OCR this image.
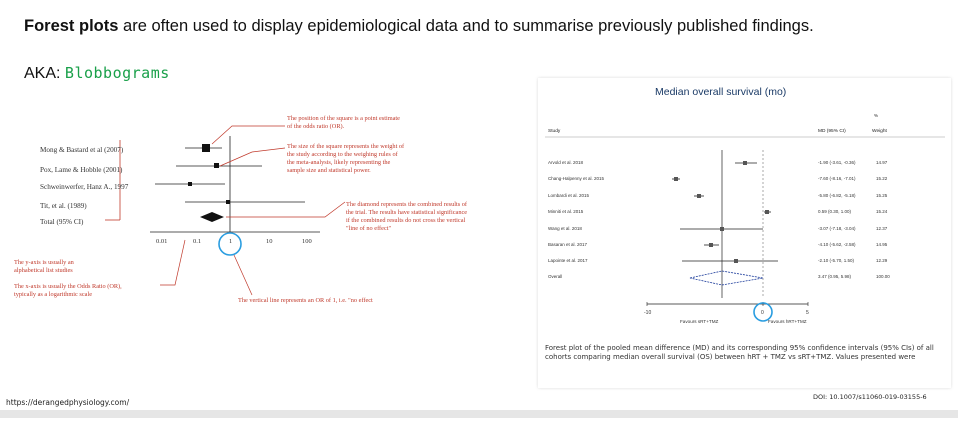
Forest plots are often used to display epidemiological data and to summarise previously published findings.
AKA: Blobbograms
Mong & Bastard et al (2007)
Pox, Lame & Hobble (2001)
Schweinwerfer, Hanz A., 1997
Tit, et al. (1989)
Total (95% CI)
0.01	0.1	1	10	100
The position of the square is a point estimate
of the odds ratio (OR).
The size of the square represents the weight of
the study according to the weighing rules of
the meta-analysis, likely representing the
sample size and statistical power.
The diamond represents the combined results of
the trial. The results have statistical significance
if the combined results do not cross the vertical
"line of no effect"
The y-axis is usually an
alphabetical list studies
The x-axis is usually the Odds Ratio (OR),
typically as a logarithmic scale
The vertical line represents an OR of 1, i.e. "no effect
Median overall survival (mo)
%
Study	MD (95% CI)	Weight
Arvold et al. 2018	-1.90 (-3.61, -0.36)	14.97
Chang-Halpenny et al. 2015	-7.60 (-8.16, -7.01)	15.22
Lombardi et al. 2015	-5.80 (-6.82, -5.18)	15.25
Minniti et al. 2015	0.59 (0.30, 1.00)	15.24
Wang et al. 2018	-3.07 (-7.18, -3.04)	12.37
Basaran et al. 2017	-4.10 (-5.62, -2.58)	14.95
Lapointe et al. 2017	-2.10 (-5.70, 1.50)	12.29
Overall	3.47 (0.95, 5.98)	100.00
-10	0	5
Favours sRT+TMZ	Favours hRT+TMZ
Forest plot of the pooled mean difference (MD) and its corresponding 95% confidence intervals (95% CIs) of all cohorts comparing median overall survival (OS) between hRT + TMZ vs sRT+TMZ. Values presented were
https://derangedphysiology.com/
DOI: 10.1007/s11060-019-03155-6
